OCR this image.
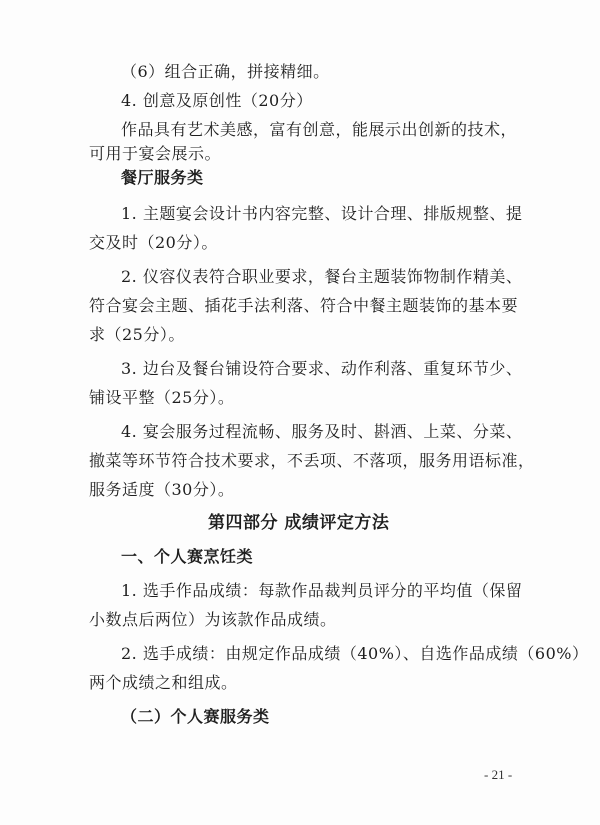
（6）组合正确，拼接精细。
4. 创意及原创性（20分）
作品具有艺术美感，富有创意，能展示出创新的技术，
可用于宴会展示。
餐厅服务类
1. 主题宴会设计书内容完整、设计合理、排版规整、提
交及时（20分）。
2. 仪容仪表符合职业要求，餐台主题装饰物制作精美、
符合宴会主题、插花手法利落、符合中餐主题装饰的基本要
求（25分）。
3. 边台及餐台铺设符合要求、动作利落、重复环节少、
铺设平整（25分）。
4. 宴会服务过程流畅、服务及时、斟酒、上菜、分菜、
撤菜等环节符合技术要求，不丢项、不落项，服务用语标准，
服务适度（30分）。
第四部分 成绩评定方法
一、个人赛烹饪类
1. 选手作品成绩：每款作品裁判员评分的平均值（保留
小数点后两位）为该款作品成绩。
2. 选手成绩：由规定作品成绩（40%）、自选作品成绩（60%）
两个成绩之和组成。
（二）个人赛服务类
- 21 -
